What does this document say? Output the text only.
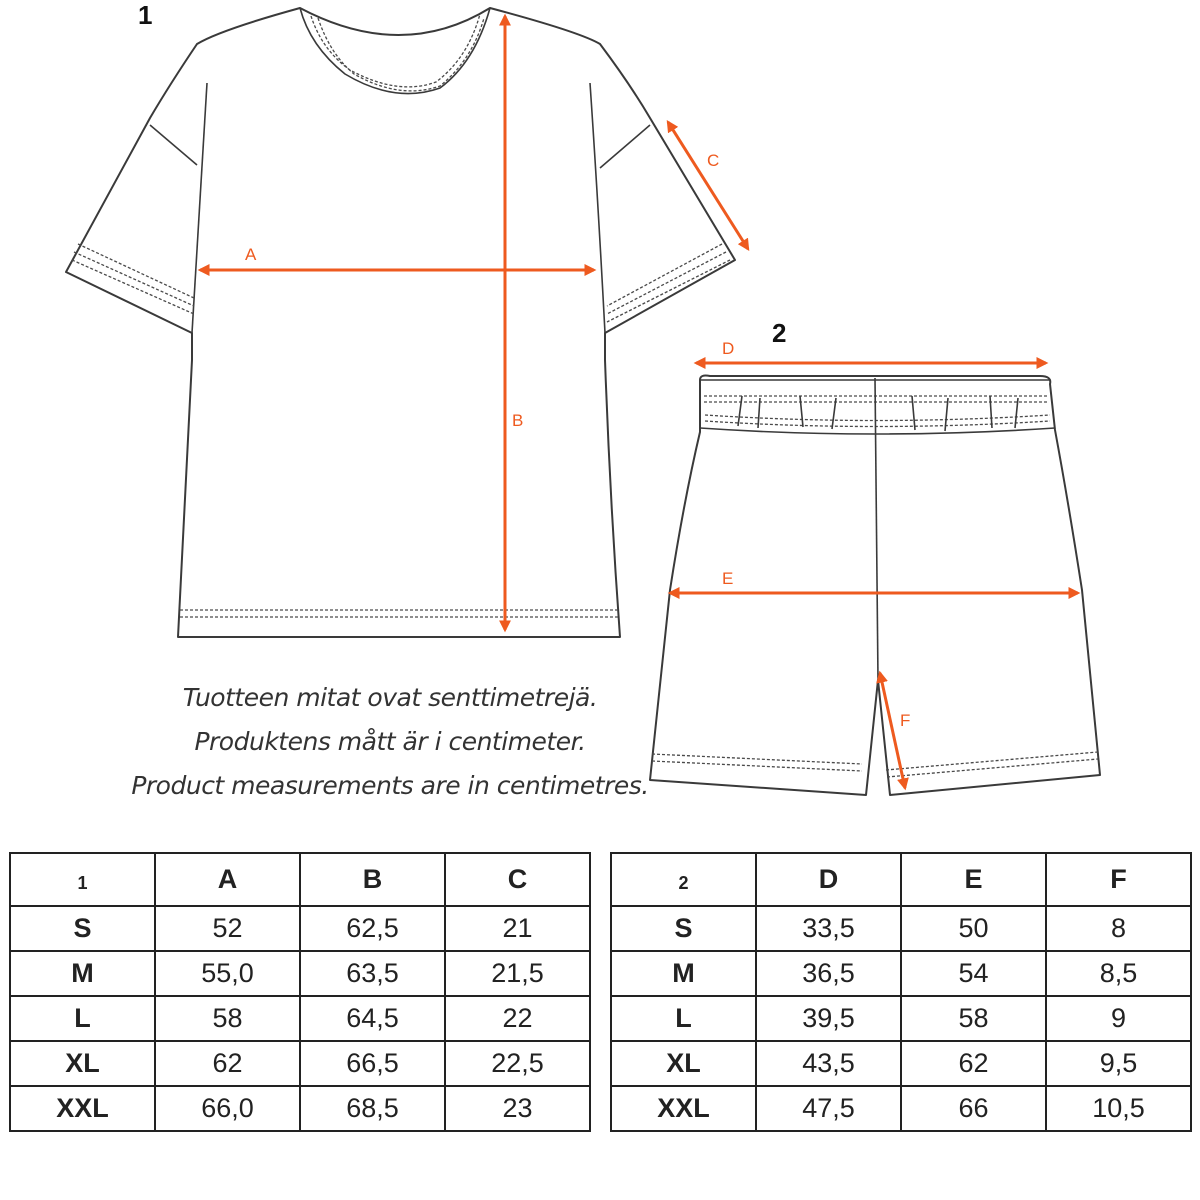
1
2
A
B
C
D
E
F
Tuotteen mitat ovat senttimetrejä.
Produktens mått är i centimeter.
Product measurements are in centimetres.
1	A	B	C
S	52	62,5	21
M	55,0	63,5	21,5
L	58	64,5	22
XL	62	66,5	22,5
XXL	66,0	68,5	23
2	D	E	F
S	33,5	50	8
M	36,5	54	8,5
L	39,5	58	9
XL	43,5	62	9,5
XXL	47,5	66	10,5
